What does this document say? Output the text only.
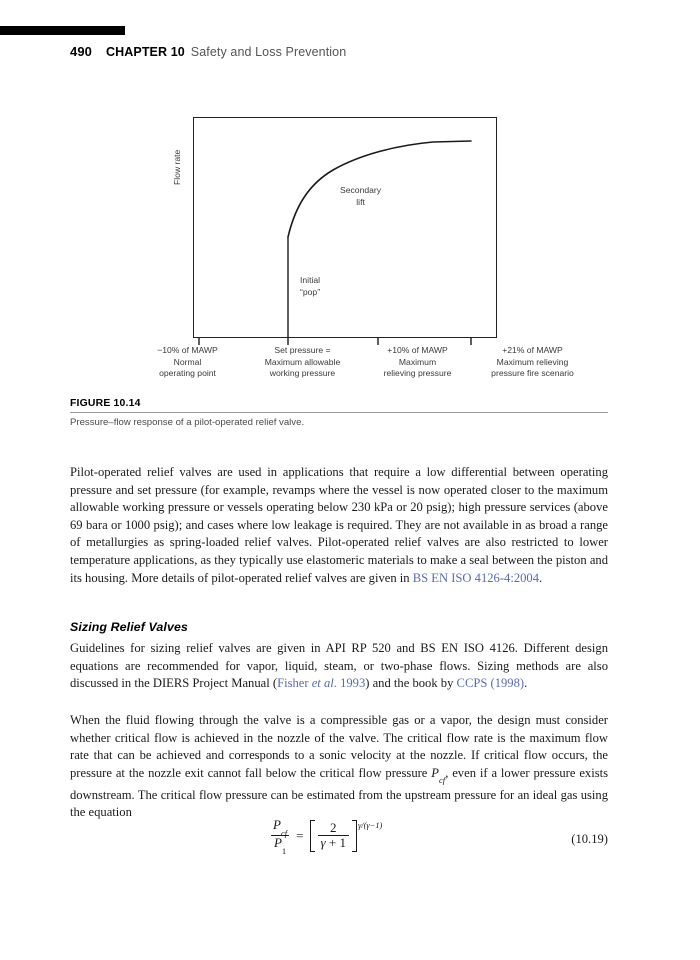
490 CHAPTER 10 Safety and Loss Prevention
Flow rate
Secondary
lift
Initial
“pop”
−10% of MAWP
Normal
operating point
Set pressure =
Maximum allowable
working pressure
+10% of MAWP
Maximum
relieving pressure
+21% of MAWP
Maximum relieving
pressure fire scenario
FIGURE 10.14
Pressure–flow response of a pilot-operated relief valve.

Pilot-operated relief valves are used in applications that require a low differential between operating pressure and set pressure (for example, revamps where the vessel is now operated closer to the maximum allowable working pressure or vessels operating below 230 kPa or 20 psig); high pressure services (above 69 bara or 1000 psig); and cases where low leakage is required. They are not available in as broad a range of metallurgies as spring-loaded relief valves. Pilot-operated relief valves are also restricted to lower temperature applications, as they typically use elastomeric materials to make a seal between the piston and its housing. More details of pilot-operated relief valves are given in BS EN ISO 4126-4:2004.

Sizing Relief Valves

Guidelines for sizing relief valves are given in API RP 520 and BS EN ISO 4126. Different design equations are recommended for vapor, liquid, steam, or two-phase flows. Sizing methods are also discussed in the DIERS Project Manual (Fisher et al. 1993) and the book by CCPS (1998).

When the fluid flowing through the valve is a compressible gas or a vapor, the design must consider whether critical flow is achieved in the nozzle of the valve. The critical flow rate is the maximum flow rate that can be achieved and corresponds to a sonic velocity at the nozzle. If critical flow occurs, the pressure at the nozzle exit cannot fall below the critical flow pressure $P_{cf}$, even if a lower pressure exists downstream. The critical flow pressure can be estimated from the upstream pressure for an ideal gas using the equation

$\frac{P_{cf}}{P_1} = \frac{2}{\gamma + 1} \gamma/(\gamma-1)$
(10.19)
